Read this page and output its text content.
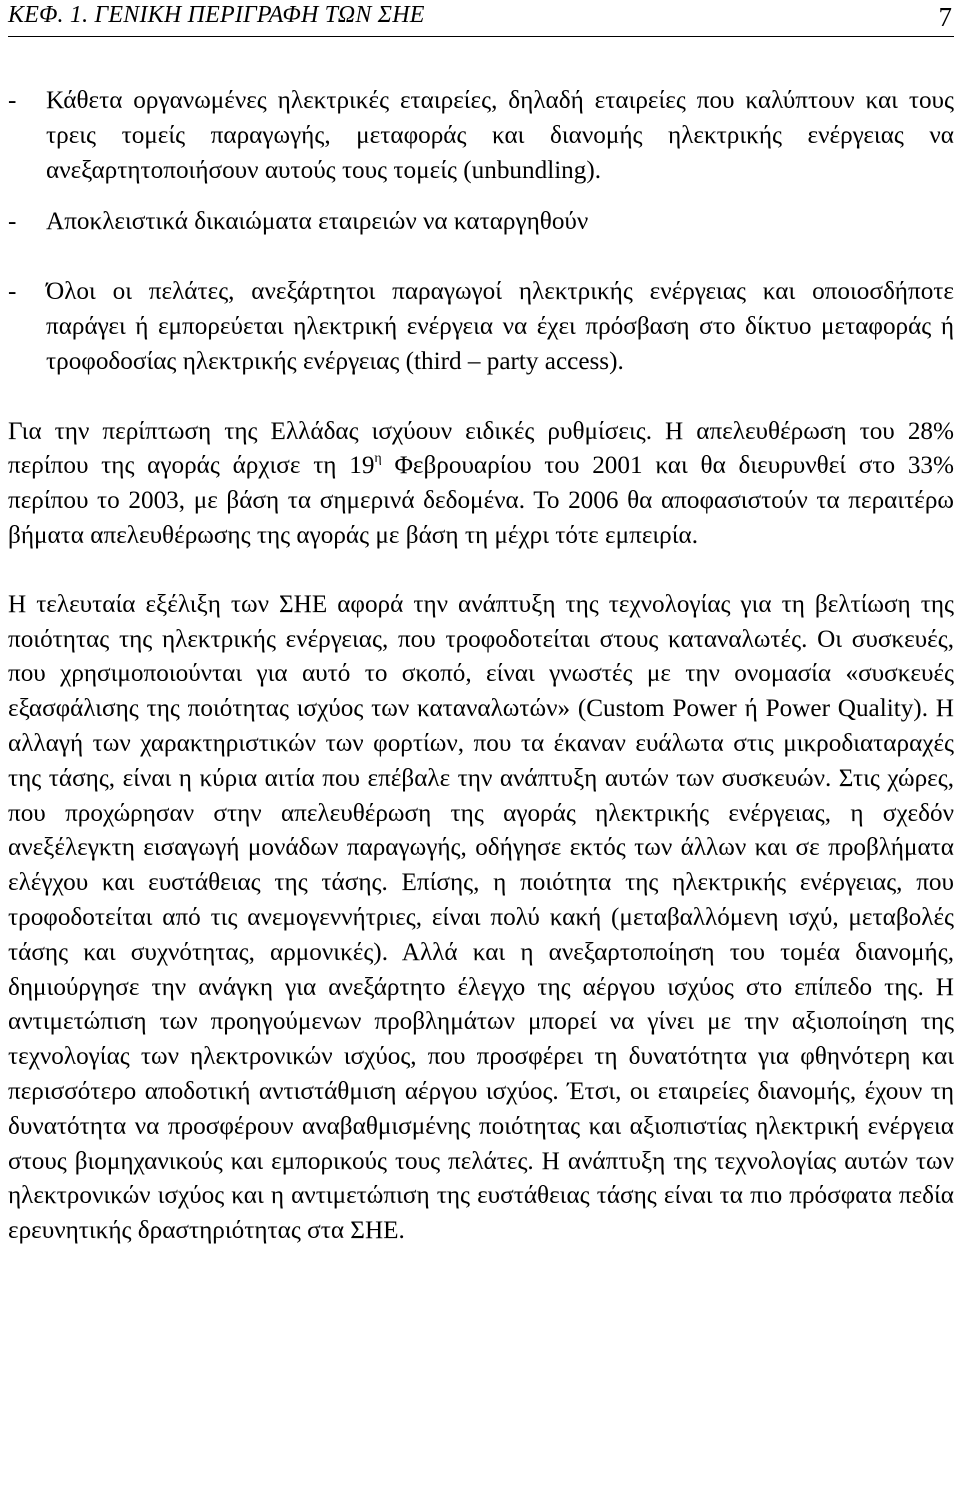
ΚΕΦ. 1. ΓΕΝΙΚΗ ΠΕΡΙΓΡΑΦΗ ΤΩΝ ΣΗΕ	7
-	Κάθετα οργανωμένες ηλεκτρικές εταιρείες, δηλαδή εταιρείες που καλύπτουν και τους τρεις τομείς παραγωγής, μεταφοράς και διανομής ηλεκτρικής ενέργειας να ανεξαρτητοποιήσουν αυτούς τους τομείς (unbundling).
-	Αποκλειστικά δικαιώματα εταιρειών να καταργηθούν
-	Όλοι οι πελάτες, ανεξάρτητοι παραγωγοί ηλεκτρικής ενέργειας και οποιοσδήποτε παράγει ή εμπορεύεται ηλεκτρική ενέργεια να έχει πρόσβαση στο δίκτυο μεταφοράς ή τροφοδοσίας ηλεκτρικής ενέργειας (third – party access).

Για την περίπτωση της Ελλάδας ισχύουν ειδικές ρυθμίσεις. Η απελευθέρωση του 28% περίπου της αγοράς άρχισε τη $19^\eta$ Φεβρουαρίου του 2001 και θα διευρυνθεί στο 33% περίπου το 2003, με βάση τα σημερινά δεδομένα. Το 2006 θα αποφασιστούν τα περαιτέρω βήματα απελευθέρωσης της αγοράς με βάση τη μέχρι τότε εμπειρία.

Η τελευταία εξέλιξη των ΣΗΕ αφορά την ανάπτυξη της τεχνολογίας για τη βελτίωση της ποιότητας της ηλεκτρικής ενέργειας, που τροφοδοτείται στους καταναλωτές. Οι συσκευές, που χρησιμοποιούνται για αυτό το σκοπό, είναι γνωστές με την ονομασία «συσκευές εξασφάλισης της ποιότητας ισχύος των καταναλωτών» (Custom Power ή Power Quality). Η αλλαγή των χαρακτηριστικών των φορτίων, που τα έκαναν ευάλωτα στις μικροδιαταραχές της τάσης, είναι η κύρια αιτία που επέβαλε την ανάπτυξη αυτών των συσκευών. Στις χώρες, που προχώρησαν στην απελευθέρωση της αγοράς ηλεκτρικής ενέργειας, η σχεδόν ανεξέλεγκτη εισαγωγή μονάδων παραγωγής, οδήγησε εκτός των άλλων και σε προβλήματα ελέγχου και ευστάθειας της τάσης. Επίσης, η ποιότητα της ηλεκτρικής ενέργειας, που τροφοδοτείται από τις ανεμογεννήτριες, είναι πολύ κακή (μεταβαλλόμενη ισχύ, μεταβολές τάσης και συχνότητας, αρμονικές). Αλλά και η ανεξαρτοποίηση του τομέα διανομής, δημιούργησε την ανάγκη για ανεξάρτητο έλεγχο της αέργου ισχύος στο επίπεδο της. Η αντιμετώπιση των προηγούμενων προβλημάτων μπορεί να γίνει με την αξιοποίηση της τεχνολογίας των ηλεκτρονικών ισχύος, που προσφέρει τη δυνατότητα για φθηνότερη και περισσότερο αποδοτική αντιστάθμιση αέργου ισχύος. Έτσι, οι εταιρείες διανομής, έχουν τη δυνατότητα να προσφέρουν αναβαθμισμένης ποιότητας και αξιοπιστίας ηλεκτρική ενέργεια στους βιομηχανικούς και εμπορικούς τους πελάτες. Η ανάπτυξη της τεχνολογίας αυτών των ηλεκτρονικών ισχύος και η αντιμετώπιση της ευστάθειας τάσης είναι τα πιο πρόσφατα πεδία ερευνητικής δραστηριότητας στα ΣΗΕ.
